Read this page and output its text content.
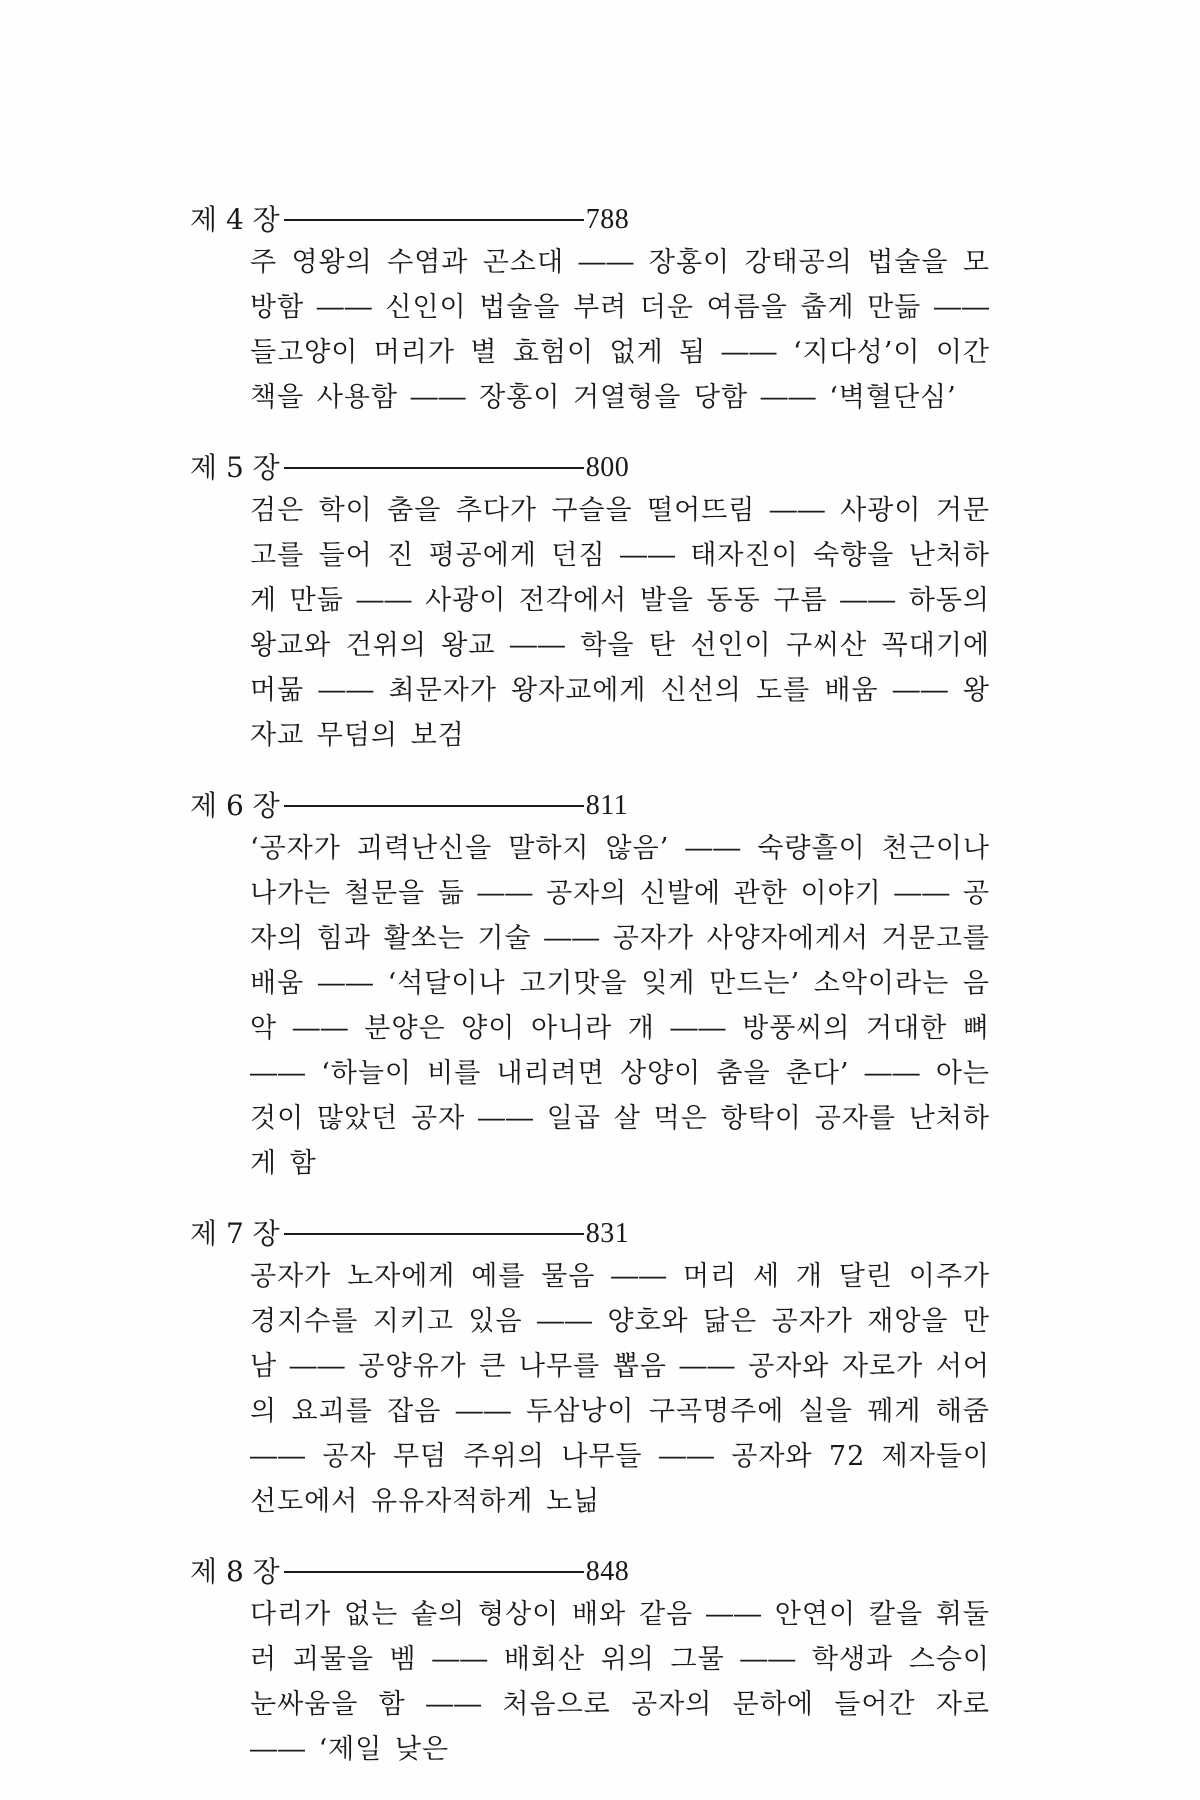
제 4 장	788
주 영왕의 수염과 곤소대 ―― 장홍이 강태공의 법술을 모방함 ―― 신인이 법술을 부려 더운 여름을 춥게 만듦 ―― 들고양이 머리가 별 효험이 없게 됨 ―― ‘지다성’이 이간책을 사용함 ―― 장홍이 거열형을 당함 ―― ‘벽혈단심’
제 5 장	800
검은 학이 춤을 추다가 구슬을 떨어뜨림 ―― 사광이 거문고를 들어 진 평공에게 던짐 ―― 태자진이 숙향을 난처하게 만듦 ―― 사광이 전각에서 발을 동동 구름 ―― 하동의 왕교와 건위의 왕교 ―― 학을 탄 선인이 구씨산 꼭대기에 머묾 ―― 최문자가 왕자교에게 신선의 도를 배움 ―― 왕자교 무덤의 보검
제 6 장	811
‘공자가 괴력난신을 말하지 않음’ ―― 숙량흘이 천근이나 나가는 철문을 듦 ―― 공자의 신발에 관한 이야기 ―― 공자의 힘과 활쏘는 기술 ―― 공자가 사양자에게서 거문고를 배움 ―― ‘석달이나 고기맛을 잊게 만드는’ 소악이라는 음악 ―― 분양은 양이 아니라 개 ―― 방풍씨의 거대한 뼈 ―― ‘하늘이 비를 내리려면 상양이 춤을 춘다’ ―― 아는 것이 많았던 공자 ―― 일곱 살 먹은 항탁이 공자를 난처하게 함
제 7 장	831
공자가 노자에게 예를 물음 ―― 머리 세 개 달린 이주가 경지수를 지키고 있음 ―― 양호와 닮은 공자가 재앙을 만남 ―― 공양유가 큰 나무를 뽑음 ―― 공자와 자로가 서어의 요괴를 잡음 ―― 두삼낭이 구곡명주에 실을 꿰게 해줌 ―― 공자 무덤 주위의 나무들 ―― 공자와 72 제자들이 선도에서 유유자적하게 노닒
제 8 장	848
다리가 없는 솥의 형상이 배와 같음 ―― 안연이 칼을 휘둘러 괴물을 벰 ―― 배회산 위의 그물 ―― 학생과 스승이 눈싸움을 함 ―― 처음으로 공자의 문하에 들어간 자로 ―― ‘제일 낮은
